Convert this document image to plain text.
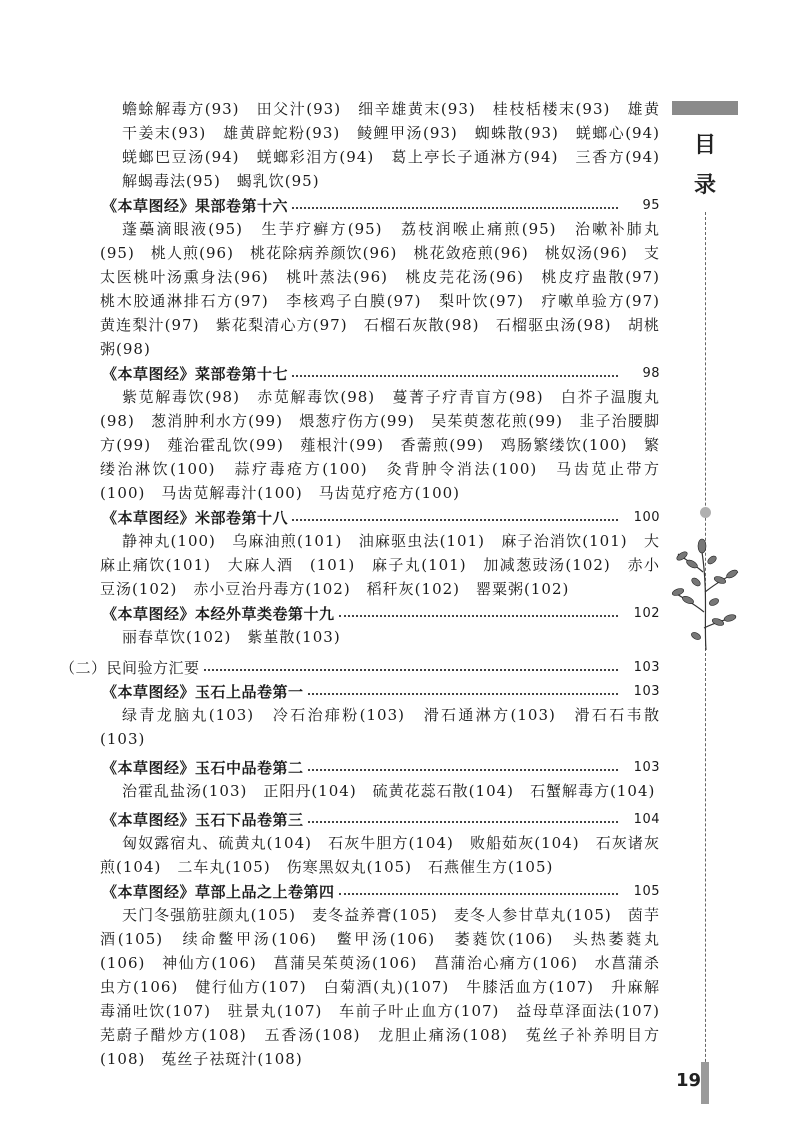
目录
19

蟾蜍解毒方(93)　田父汁(93)　细辛雄黄末(93)　桂枝栝楼末(93)　雄黄干姜末(93)　雄黄辟蛇粉(93)　鲮鲤甲汤(93)　蜘蛛散(93)　蜣螂心(94)　蜣螂巴豆汤(94)　蜣螂彩泪方(94)　葛上亭长子通淋方(94)　三香方(94)　解蝎毒法(95)　蝎乳饮(95)

《本草图经》果部卷第十六	95

蓬蘽滴眼液(95)　生芋疗癣方(95)　荔枝润喉止痛煎(95)　治嗽补肺丸(95)　桃人煎(96)　桃花除病养颜饮(96)　桃花敛疮煎(96)　桃奴汤(96)　支太医桃叶汤熏身法(96)　桃叶蒸法(96)　桃皮芫花汤(96)　桃皮疗蛊散(97)　桃木胶通淋排石方(97)　李核鸡子白膜(97)　梨叶饮(97)　疗嗽单验方(97)　黄连梨汁(97)　紫花梨清心方(97)　石榴石灰散(98)　石榴驱虫汤(98)　胡桃粥(98)

《本草图经》菜部卷第十七	98

紫苋解毒饮(98)　赤苋解毒饮(98)　蔓菁子疗青盲方(98)　白芥子温腹丸(98)　葱消肿利水方(99)　煨葱疗伤方(99)　吴茱萸葱花煎(99)　韭子治腰脚方(99)　薤治霍乱饮(99)　薤根汁(99)　香薷煎(99)　鸡肠繁缕饮(100)　繁缕治淋饮(100)　蒜疗毒疮方(100)　灸背肿令消法(100)　马齿苋止带方(100)　马齿苋解毒汁(100)　马齿苋疗疮方(100)

《本草图经》米部卷第十八	100

静神丸(100)　乌麻油煎(101)　油麻驱虫法(101)　麻子治消饮(101)　大麻止痛饮(101)　大麻人酒　(101)　麻子丸(101)　加减葱豉汤(102)　赤小豆汤(102)　赤小豆治丹毒方(102)　稻秆灰(102)　罂粟粥(102)

《本草图经》本经外草类卷第十九	102

丽春草饮(102)　紫堇散(103)

（二）民间验方汇要	103
《本草图经》玉石上品卷第一	103

绿青龙脑丸(103)　冷石治痱粉(103)　滑石通淋方(103)　滑石石韦散(103)

《本草图经》玉石中品卷第二	103

治霍乱盐汤(103)　正阳丹(104)　硫黄花蕊石散(104)　石蟹解毒方(104)

《本草图经》玉石下品卷第三	104

匈奴露宿丸、硫黄丸(104)　石灰牛胆方(104)　败船茹灰(104)　石灰诸灰煎(104)　二车丸(105)　伤寒黑奴丸(105)　石燕催生方(105)

《本草图经》草部上品之上卷第四	105

天门冬强筋驻颜丸(105)　麦冬益养膏(105)　麦冬人参甘草丸(105)　茵芋酒(105)　续命鳖甲汤(106)　鳖甲汤(106)　萎蕤饮(106)　头热萎蕤丸(106)　神仙方(106)　菖蒲吴茱萸汤(106)　菖蒲治心痛方(106)　水菖蒲杀虫方(106)　健行仙方(107)　白菊酒(丸)(107)　牛膝活血方(107)　升麻解毒涌吐饮(107)　驻景丸(107)　车前子叶止血方(107)　益母草泽面法(107)　芜蔚子醋炒方(108)　五香汤(108)　龙胆止痛汤(108)　菟丝子补养明目方(108)　菟丝子祛斑汁(108)
